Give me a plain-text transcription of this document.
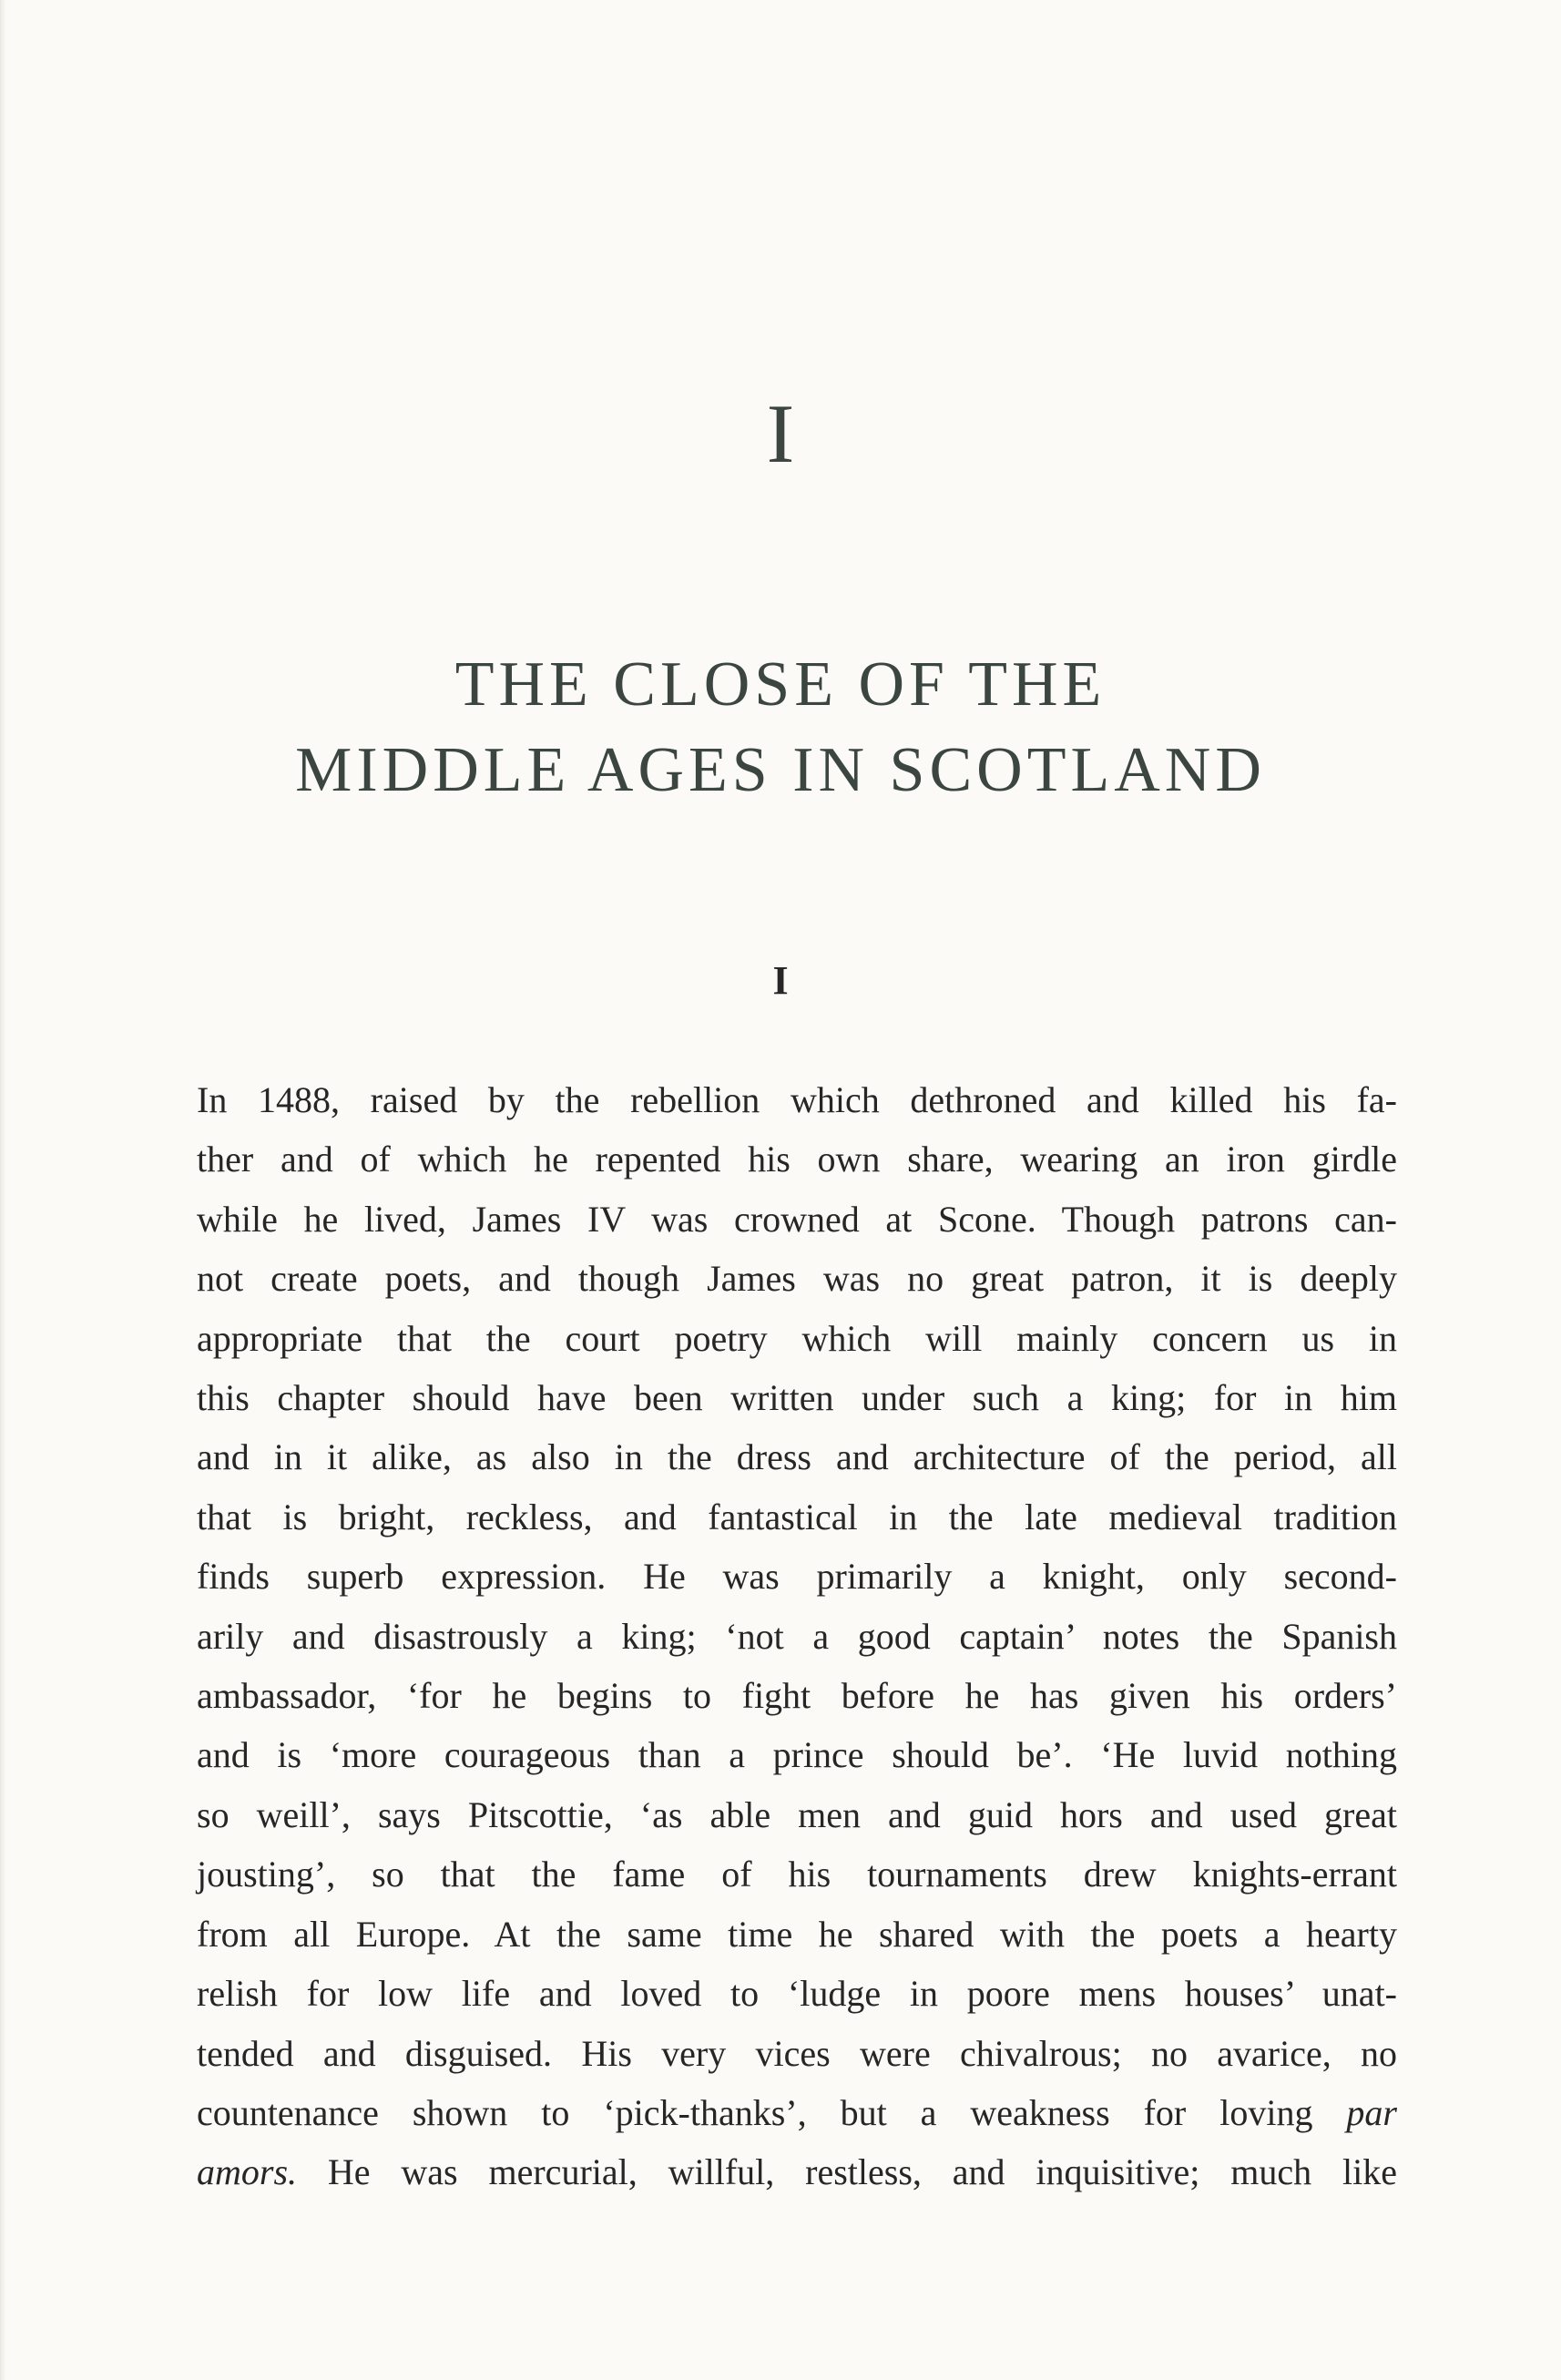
I
THE CLOSE OF THE
MIDDLE AGES IN SCOTLAND
I
In 1488, raised by the rebellion which dethroned and killed his fa-
ther and of which he repented his own share, wearing an iron girdle
while he lived, James IV was crowned at Scone. Though patrons can-
not create poets, and though James was no great patron, it is deeply
appropriate that the court poetry which will mainly concern us in
this chapter should have been written under such a king; for in him
and in it alike, as also in the dress and architecture of the period, all
that is bright, reckless, and fantastical in the late medieval tradition
finds superb expression. He was primarily a knight, only second-
arily and disastrously a king; ‘not a good captain’ notes the Spanish
ambassador, ‘for he begins to fight before he has given his orders’
and is ‘more courageous than a prince should be’. ‘He luvid nothing
so weill’, says Pitscottie, ‘as able men and guid hors and used great
jousting’, so that the fame of his tournaments drew knights-errant
from all Europe. At the same time he shared with the poets a hearty
relish for low life and loved to ‘ludge in poore mens houses’ unat-
tended and disguised. His very vices were chivalrous; no avarice, no
countenance shown to ‘pick-thanks’, but a weakness for loving par
amors. He was mercurial, willful, restless, and inquisitive; much like
